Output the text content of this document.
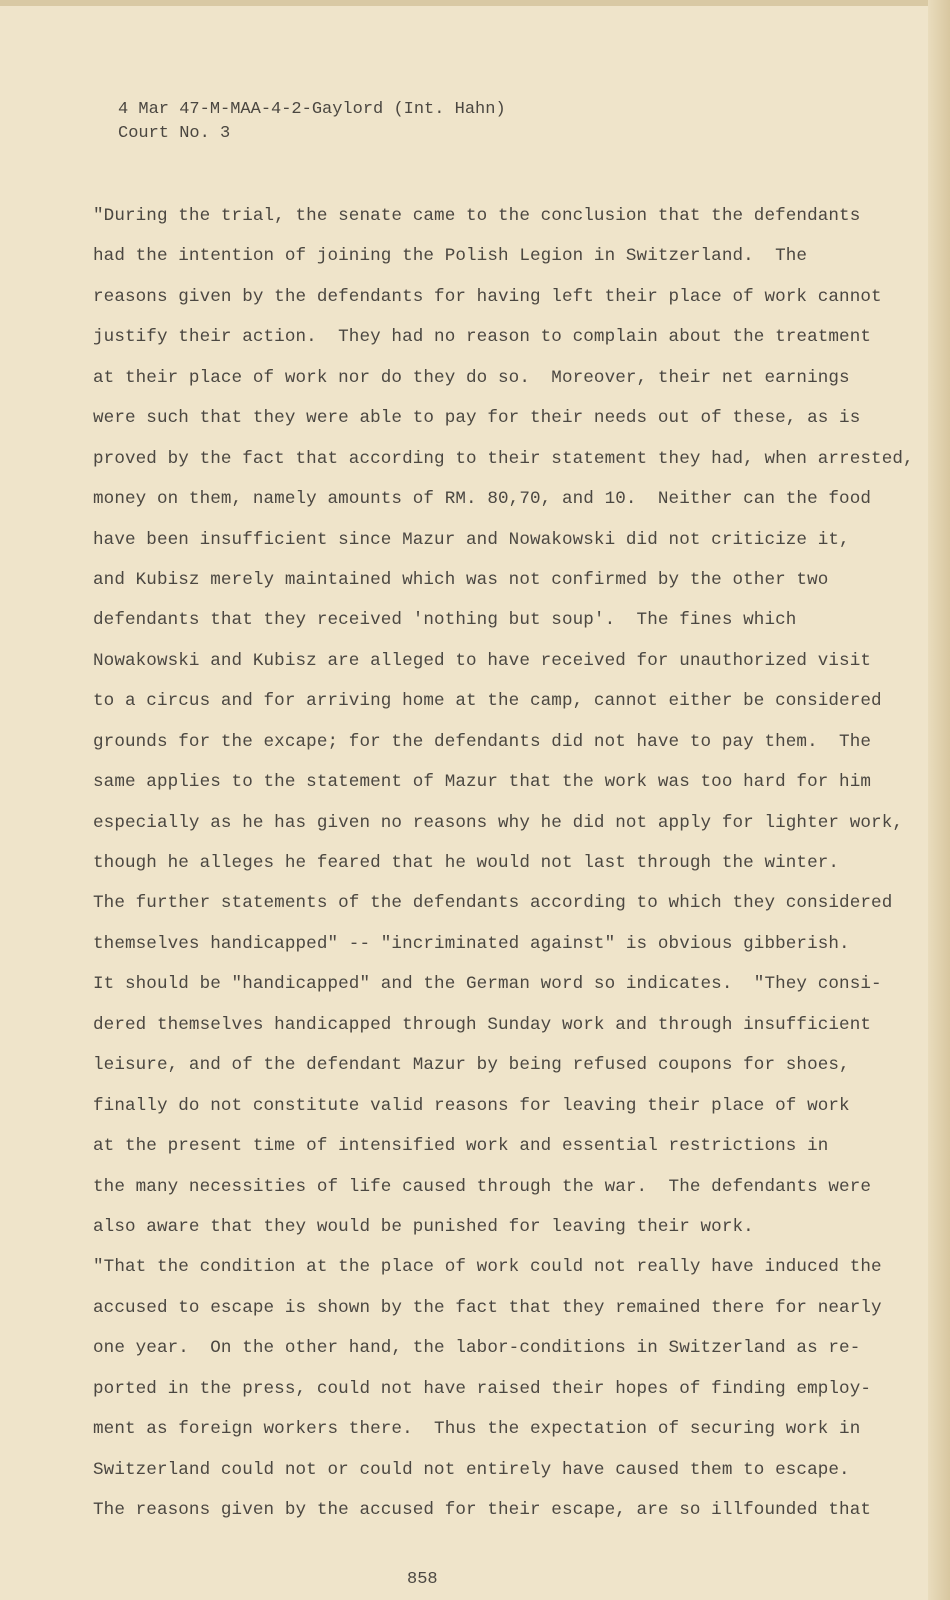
4 Mar 47-M-MAA-4-2-Gaylord (Int. Hahn)
Court No. 3
"During the trial, the senate came to the conclusion that the defendants
had the intention of joining the Polish Legion in Switzerland.  The
reasons given by the defendants for having left their place of work cannot
justify their action.  They had no reason to complain about the treatment
at their place of work nor do they do so.  Moreover, their net earnings
were such that they were able to pay for their needs out of these, as is
proved by the fact that according to their statement they had, when arrested,
money on them, namely amounts of RM. 80,70, and 10.  Neither can the food
have been insufficient since Mazur and Nowakowski did not criticize it,
and Kubisz merely maintained which was not confirmed by the other two
defendants that they received 'nothing but soup'.  The fines which
Nowakowski and Kubisz are alleged to have received for unauthorized visit
to a circus and for arriving home at the camp, cannot either be considered
grounds for the excape; for the defendants did not have to pay them.  The
same applies to the statement of Mazur that the work was too hard for him
especially as he has given no reasons why he did not apply for lighter work,
though he alleges he feared that he would not last through the winter.
The further statements of the defendants according to which they considered
themselves handicapped" -- "incriminated against" is obvious gibberish.
It should be "handicapped" and the German word so indicates.  "They consi-
dered themselves handicapped through Sunday work and through insufficient
leisure, and of the defendant Mazur by being refused coupons for shoes,
finally do not constitute valid reasons for leaving their place of work
at the present time of intensified work and essential restrictions in
the many necessities of life caused through the war.  The defendants were
also aware that they would be punished for leaving their work.
"That the condition at the place of work could not really have induced the
accused to escape is shown by the fact that they remained there for nearly
one year.  On the other hand, the labor-conditions in Switzerland as re-
ported in the press, could not have raised their hopes of finding employ-
ment as foreign workers there.  Thus the expectation of securing work in
Switzerland could not or could not entirely have caused them to escape.
The reasons given by the accused for their escape, are so illfounded that
858
